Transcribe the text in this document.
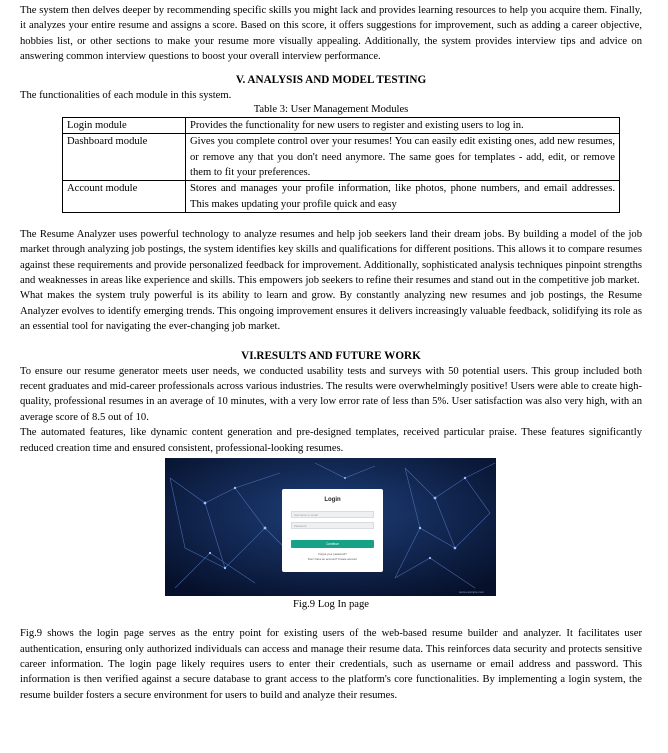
The system then delves deeper by recommending specific skills you might lack and provides learning resources to help you acquire them. Finally, it analyzes your entire resume and assigns a score. Based on this score, it offers suggestions for improvement, such as adding a career objective, hobbies list, or other sections to make your resume more visually appealing. Additionally, the system provides interview tips and advice on answering common interview questions to boost your overall interview performance.

V. ANALYSIS AND MODEL TESTING

The functionalities of each module in this system.

Table 3: User Management Modules

Login module	Provides the functionality for new users to register and existing users to log in.
Dashboard module	Gives you complete control over your resumes! You can easily edit existing ones, add new resumes, or remove any that you don't need anymore. The same goes for templates - add, edit, or remove them to fit your preferences.
Account module	Stores and manages your profile information, like photos, phone numbers, and email addresses. This makes updating your profile quick and easy

The Resume Analyzer uses powerful technology to analyze resumes and help job seekers land their dream jobs. By building a model of the job market through analyzing job postings, the system identifies key skills and qualifications for different positions. This allows it to compare resumes against these requirements and provide personalized feedback for improvement. Additionally, sophisticated analysis techniques pinpoint strengths and weaknesses in areas like experience and skills. This empowers job seekers to refine their resumes and stand out in the competitive job market.

What makes the system truly powerful is its ability to learn and grow. By constantly analyzing new resumes and job postings, the Resume Analyzer evolves to identify emerging trends. This ongoing improvement ensures it delivers increasingly valuable feedback, solidifying its role as an essential tool for navigating the ever-changing job market.

VI.RESULTS AND FUTURE WORK

To ensure our resume generator meets user needs, we conducted usability tests and surveys with 50 potential users. This group included both recent graduates and mid-career professionals across various industries. The results were overwhelmingly positive! Users were able to create high-quality, professional resumes in an average of 10 minutes, with a very low error rate of less than 5%. User satisfaction was also very high, with an average score of 8.5 out of 10.

The automated features, like dynamic content generation and pre-designed templates, received particular praise. These features significantly reduced creation time and ensured consistent, professional-looking resumes.

Login
Username or email
Password
Continue
Forgot your password?
Don't have an account? Create account
www.example.com

Fig.9 Log In page

Fig.9 shows the login page serves as the entry point for existing users of the web-based resume builder and analyzer. It facilitates user authentication, ensuring only authorized individuals can access and manage their resume data. This reinforces data security and protects sensitive career information. The login page likely requires users to enter their credentials, such as username or email address and password. This information is then verified against a secure database to grant access to the platform's core functionalities. By implementing a login system, the resume builder fosters a secure environment for users to build and analyze their resumes.
